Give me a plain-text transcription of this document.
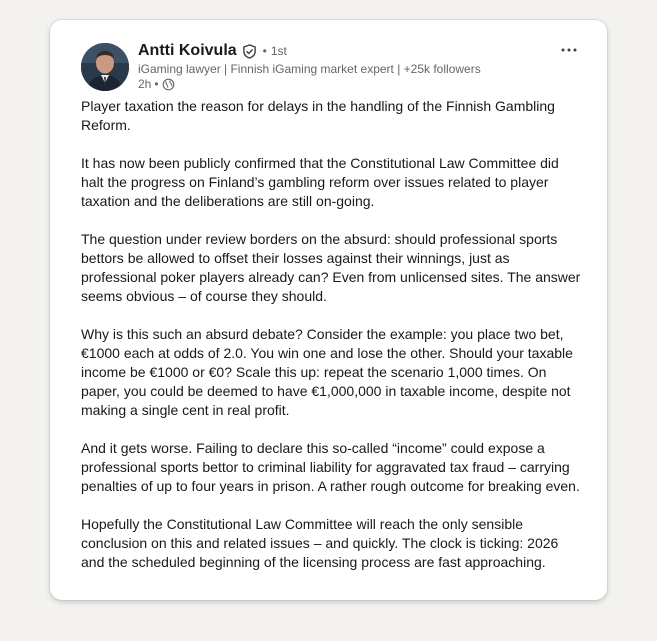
Antti Koivula • 1st
iGaming lawyer | Finnish iGaming market expert | +25k followers
2h •

Player taxation the reason for delays in the handling of the Finnish Gambling Reform.

It has now been publicly confirmed that the Constitutional Law Committee did halt the progress on Finland’s gambling reform over issues related to player taxation and the deliberations are still on-going.

The question under review borders on the absurd: should professional sports bettors be allowed to offset their losses against their winnings, just as professional poker players already can? Even from unlicensed sites. The answer seems obvious – of course they should.

Why is this such an absurd debate? Consider the example: you place two bet, €1000 each at odds of 2.0. You win one and lose the other. Should your taxable income be €1000 or €0? Scale this up: repeat the scenario 1,000 times. On paper, you could be deemed to have €1,000,000 in taxable income, despite not making a single cent in real profit.

And it gets worse. Failing to declare this so-called “income” could expose a professional sports bettor to criminal liability for aggravated tax fraud – carrying penalties of up to four years in prison. A rather rough outcome for breaking even.

Hopefully the Constitutional Law Committee will reach the only sensible conclusion on this and related issues – and quickly. The clock is ticking: 2026 and the scheduled beginning of the licensing process are fast approaching.
